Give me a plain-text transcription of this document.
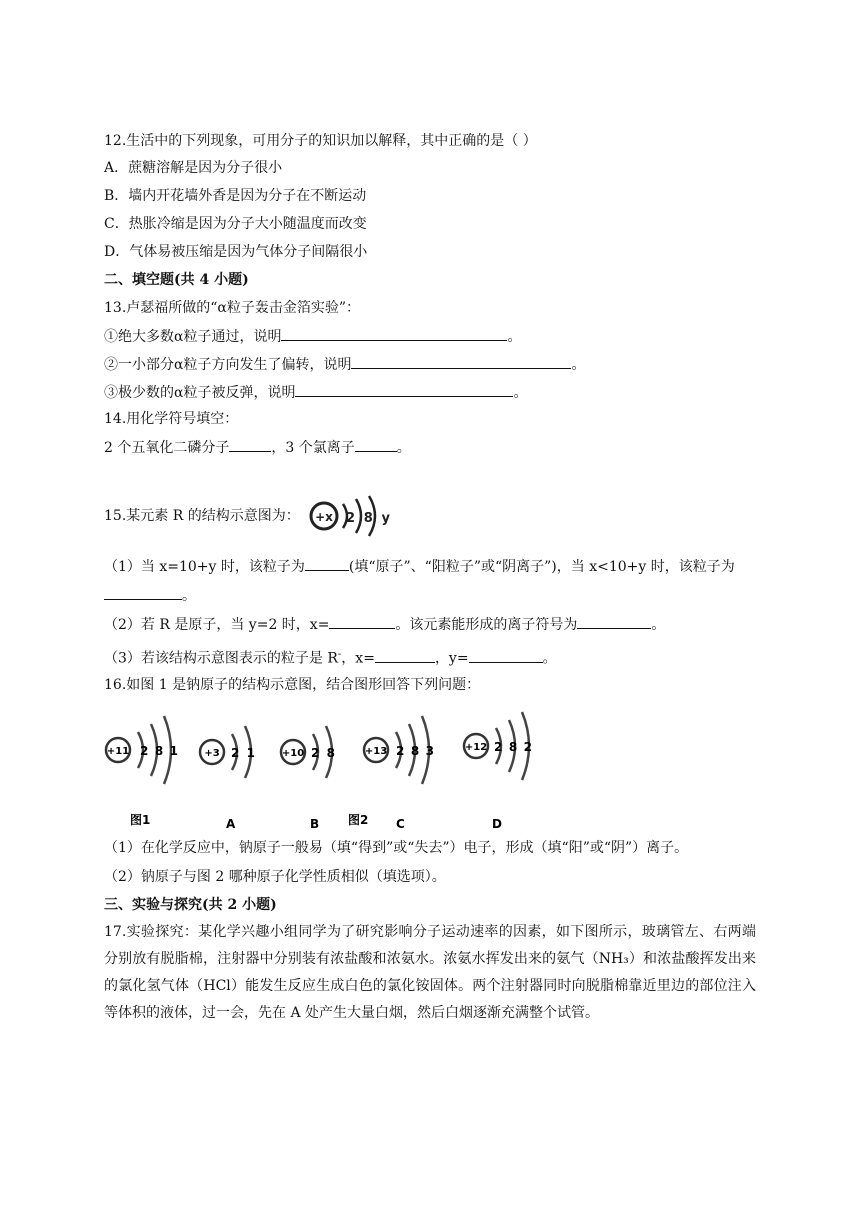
12.生活中的下列现象，可用分子的知识加以解释，其中正确的是（ ）
A．蔗糖溶解是因为分子很小
B．墙内开花墙外香是因为分子在不断运动
C．热胀冷缩是因为分子大小随温度而改变
D．气体易被压缩是因为气体分子间隔很小
二、填空题(共 4 小题)
13.卢瑟福所做的“α粒子轰击金箔实验”：
①绝大多数α粒子通过，说明	。
②一小部分α粒子方向发生了偏转，说明	。
③极少数的α粒子被反弹，说明	。
14.用化学符号填空：
2 个五氧化二磷分子	，3 个氯离子	。
15.某元素 R 的结构示意图为： +x 2 8 y
（1）当 x=10+y 时，该粒子为	(填“原子”、“阳粒子”或“阴离子”)，当 x<10+y 时，该粒子为
。
（2）若 R 是原子，当 y=2 时，x=	。该元素能形成的离子符号为	。
（3）若该结构示意图表示的粒子是 R-，x=	，y=	。
16.如图 1 是钠原子的结构示意图，结合图形回答下列问题：
+11 2 8 1	+3 2 1
A
+10 2 8
B
+13 2 8 3
C
+12 2 8 2
D
图1	图2
（1）在化学反应中，钠原子一般易（填“得到”或“失去”）电子，形成（填“阳”或“阴”）离子。
（2）钠原子与图 2 哪种原子化学性质相似（填选项）。
三、实验与探究(共 2 小题)
17.实验探究：某化学兴趣小组同学为了研究影响分子运动速率的因素，如下图所示，玻璃管左、右两端分别放有脱脂棉，注射器中分别装有浓盐酸和浓氨水。浓氨水挥发出来的氨气（NH₃）和浓盐酸挥发出来的氯化氢气体（HCl）能发生反应生成白色的氯化铵固体。两个注射器同时向脱脂棉靠近里边的部位注入等体积的液体，过一会，先在 A 处产生大量白烟，然后白烟逐渐充满整个试管。
